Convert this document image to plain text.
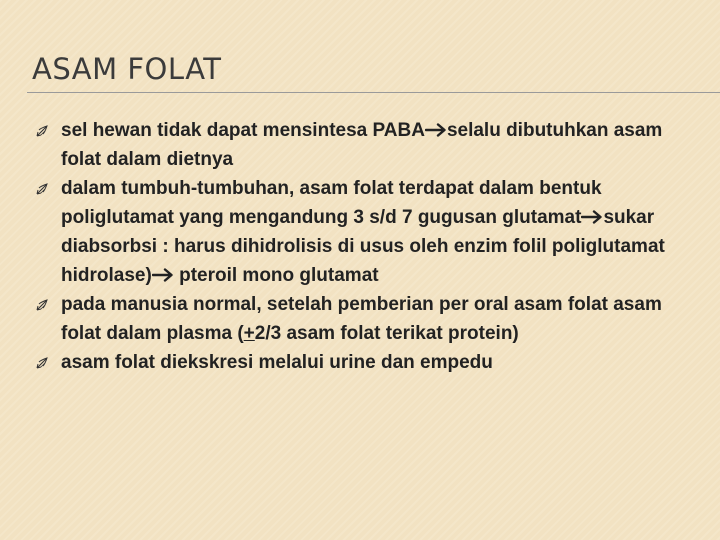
ASAM FOLAT
sel hewan tidak dapat mensintesa PABA selalu dibutuhkan asam folat dalam dietnya
dalam tumbuh-tumbuhan, asam folat terdapat dalam bentuk poliglutamat yang mengandung 3 s/d 7 gugusan glutamat sukar diabsorbsi : harus dihidrolisis di usus oleh enzim folil poliglutamat hidrolase) pteroil mono glutamat
pada manusia normal, setelah pemberian per oral asam folat asam folat dalam plasma (+2/3 asam folat terikat protein)
asam folat diekskresi melalui urine dan empedu
